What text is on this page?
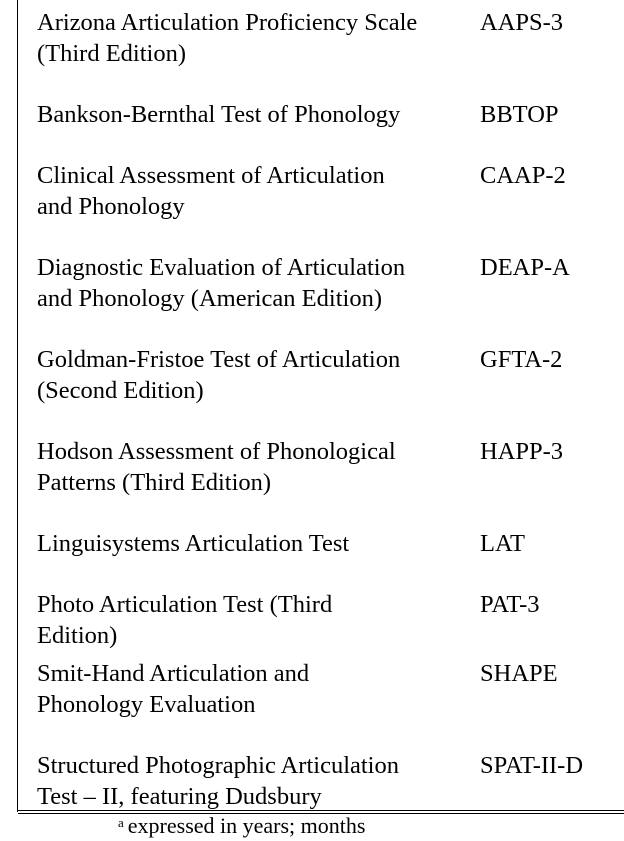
Arizona Articulation Proficiency Scale
(Third Edition)
AAPS-3
Bankson-Bernthal Test of Phonology	BBTOP
Clinical Assessment of Articulation
and Phonology
CAAP-2
Diagnostic Evaluation of Articulation
and Phonology (American Edition)
DEAP-A
Goldman-Fristoe Test of Articulation
(Second Edition)
GFTA-2
Hodson Assessment of Phonological
Patterns (Third Edition)
HAPP-3
Linguisystems Articulation Test	LAT
Photo Articulation Test (Third
Edition)
PAT-3
Smit-Hand Articulation and
Phonology Evaluation
SHAPE
Structured Photographic Articulation
Test – II, featuring Dudsbury
SPAT-II-D
$^a$ expressed in years; months
